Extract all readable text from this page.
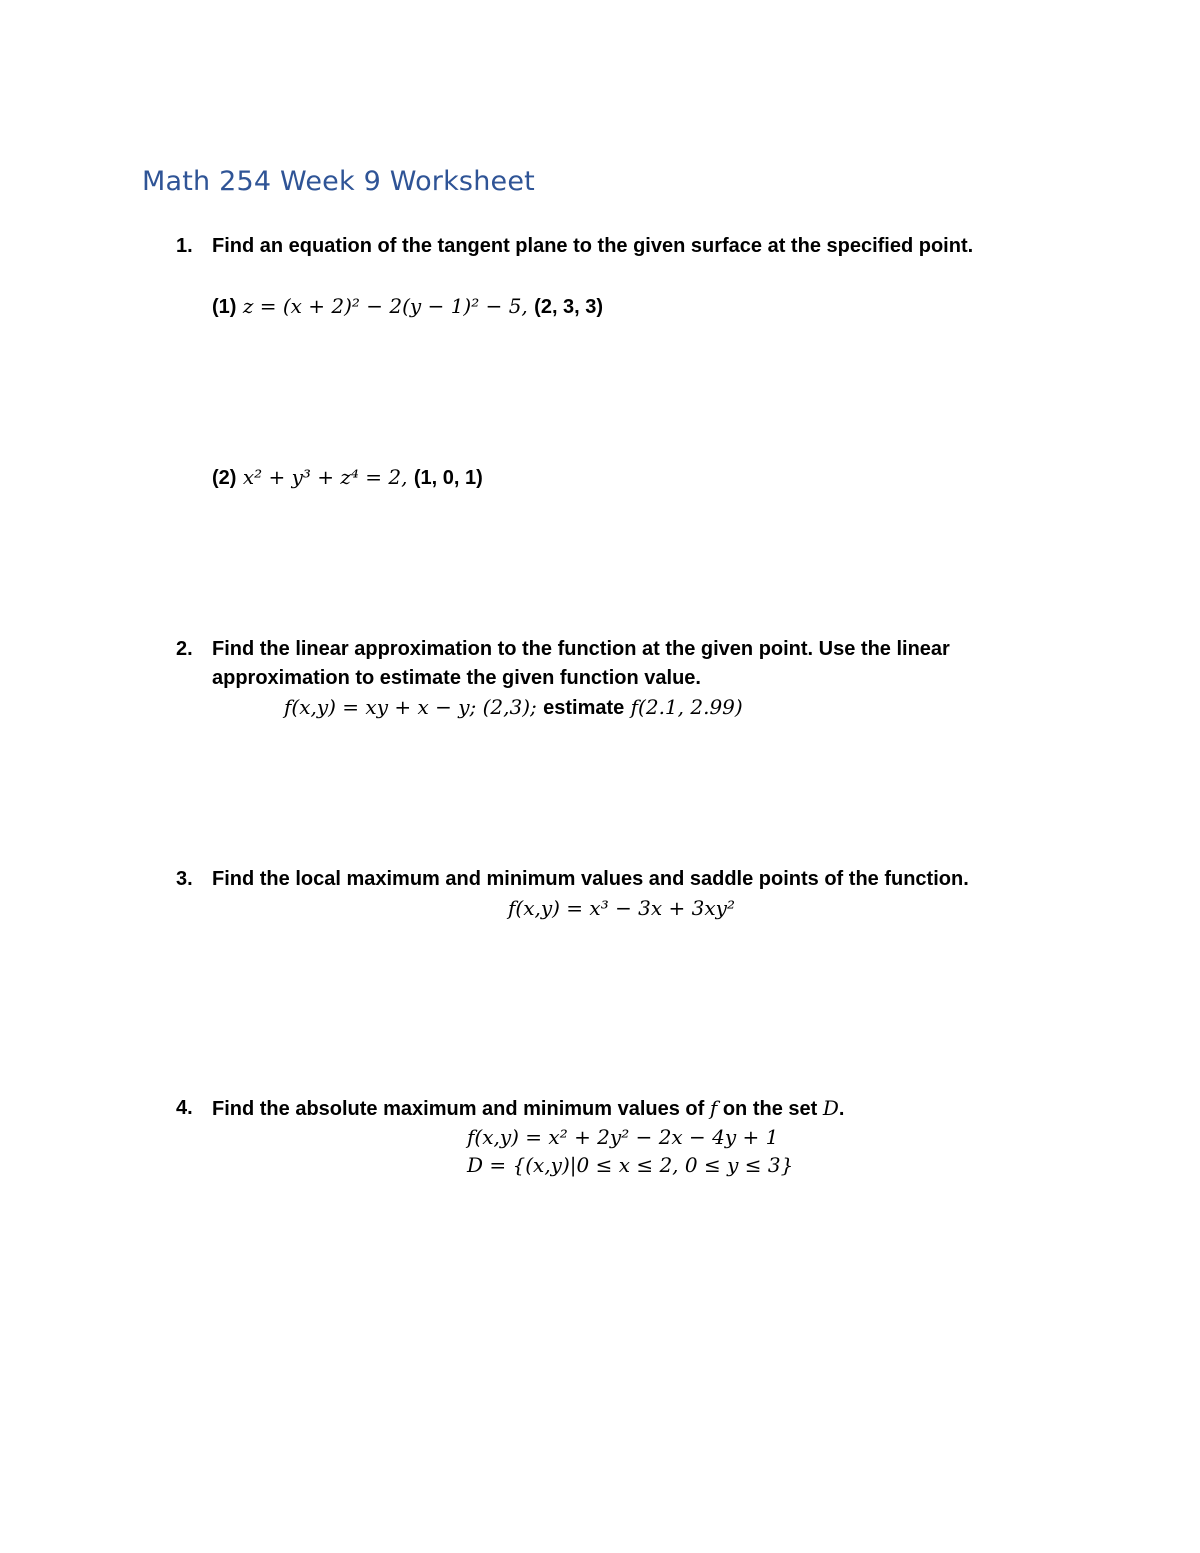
Math 254 Week 9 Worksheet
1. Find an equation of the tangent plane to the given surface at the specified point.
(1) z = (x + 2)² − 2(y − 1)² − 5, (2, 3, 3)
(2) x² + y³ + z⁴ = 2, (1, 0, 1)
2. Find the linear approximation to the function at the given point. Use the linear
approximation to estimate the given function value.
f(x,y) = xy + x − y; (2,3); estimate f(2.1, 2.99)
3. Find the local maximum and minimum values and saddle points of the function.
f(x,y) = x³ − 3x + 3xy²
4. Find the absolute maximum and minimum values of f on the set D.
f(x,y) = x² + 2y² − 2x − 4y + 1
D = {(x,y)|0 ≤ x ≤ 2, 0 ≤ y ≤ 3}
